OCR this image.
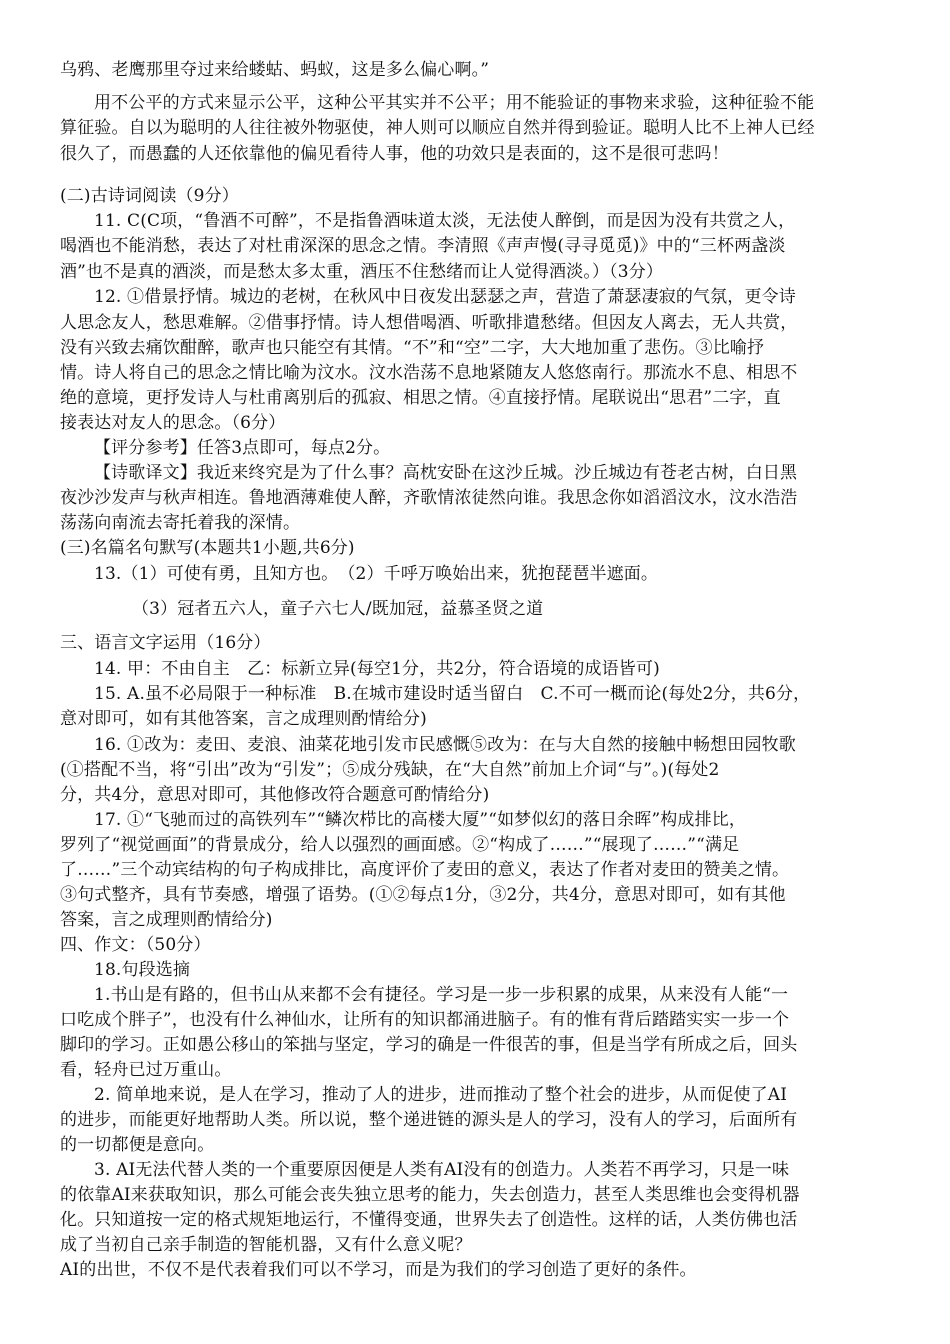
乌鸦、老鹰那里夺过来给蝼蛄、蚂蚁，这是多么偏心啊。”
用不公平的方式来显示公平，这种公平其实并不公平；用不能验证的事物来求验，这种征验不能
算征验。自以为聪明的人往往被外物驱使，神人则可以顺应自然并得到验证。聪明人比不上神人已经
很久了，而愚蠢的人还依靠他的偏见看待人事，他的功效只是表面的，这不是很可悲吗！
(二)古诗词阅读（9分）
11. C(C项，“鲁酒不可醉”，不是指鲁酒味道太淡，无法使人醉倒，而是因为没有共赏之人，
喝酒也不能消愁，表达了对杜甫深深的思念之情。李清照《声声慢(寻寻觅觅)》中的“三杯两盏淡
酒”也不是真的酒淡，而是愁太多太重，酒压不住愁绪而让人觉得酒淡。）（3分）
12. ①借景抒情。城边的老树，在秋风中日夜发出瑟瑟之声，营造了萧瑟凄寂的气氛，更令诗
人思念友人，愁思难解。②借事抒情。诗人想借喝酒、听歌排遣愁绪。但因友人离去，无人共赏，
没有兴致去痛饮酣醉，歌声也只能空有其情。“不”和“空”二字，大大地加重了悲伤。③比喻抒
情。诗人将自己的思念之情比喻为汶水。汶水浩荡不息地紧随友人悠悠南行。那流水不息、相思不
绝的意境，更抒发诗人与杜甫离别后的孤寂、相思之情。④直接抒情。尾联说出“思君”二字，直
接表达对友人的思念。（6分）
【评分参考】任答3点即可，每点2分。
【诗歌译文】我近来终究是为了什么事？高枕安卧在这沙丘城。沙丘城边有苍老古树，白日黑
夜沙沙发声与秋声相连。鲁地酒薄难使人醉，齐歌情浓徒然向谁。我思念你如滔滔汶水，汶水浩浩
荡荡向南流去寄托着我的深情。
(三)名篇名句默写(本题共1小题,共6分)
13.（1）可使有勇，且知方也。　（2）千呼万唤始出来，犹抱琵琶半遮面。
（3）冠者五六人，童子六七人/既加冠，益慕圣贤之道
三、语言文字运用（16分）
14. 甲：不由自主　乙：标新立异(每空1分，共2分，符合语境的成语皆可)
15. A.虽不必局限于一种标准　B.在城市建设时适当留白　C.不可一概而论(每处2分，共6分，
意对即可，如有其他答案，言之成理则酌情给分)
16. ①改为：麦田、麦浪、油菜花地引发市民感慨⑤改为：在与大自然的接触中畅想田园牧歌
(①搭配不当，将“引出”改为“引发”；⑤成分残缺，在“大自然”前加上介词“与”。)(每处2
分，共4分，意思对即可，其他修改符合题意可酌情给分)
17. ①“飞驰而过的高铁列车”“鳞次栉比的高楼大厦”“如梦似幻的落日余晖”构成排比，
罗列了“视觉画面”的背景成分，给人以强烈的画面感。②“构成了……”“展现了……”“满足
了……”三个动宾结构的句子构成排比，高度评价了麦田的意义，表达了作者对麦田的赞美之情。
③句式整齐，具有节奏感，增强了语势。(①②每点1分，③2分，共4分，意思对即可，如有其他
答案，言之成理则酌情给分)
四、作文：（50分）
18.句段选摘
1.书山是有路的，但书山从来都不会有捷径。学习是一步一步积累的成果，从来没有人能“一
口吃成个胖子”，也没有什么神仙水，让所有的知识都涌进脑子。有的惟有背后踏踏实实一步一个
脚印的学习。正如愚公移山的笨拙与坚定，学习的确是一件很苦的事，但是当学有所成之后，回头
看，轻舟已过万重山。
2. 简单地来说，是人在学习，推动了人的进步，进而推动了整个社会的进步，从而促使了AI
的进步，而能更好地帮助人类。所以说，整个递进链的源头是人的学习，没有人的学习，后面所有
的一切都便是意向。
3. AI无法代替人类的一个重要原因便是人类有AI没有的创造力。人类若不再学习，只是一味
的依靠AI来获取知识，那么可能会丧失独立思考的能力，失去创造力，甚至人类思维也会变得机器
化。只知道按一定的格式规矩地运行，不懂得变通，世界失去了创造性。这样的话，人类仿佛也活
成了当初自己亲手制造的智能机器，又有什么意义呢？
AI的出世，不仅不是代表着我们可以不学习，而是为我们的学习创造了更好的条件。
